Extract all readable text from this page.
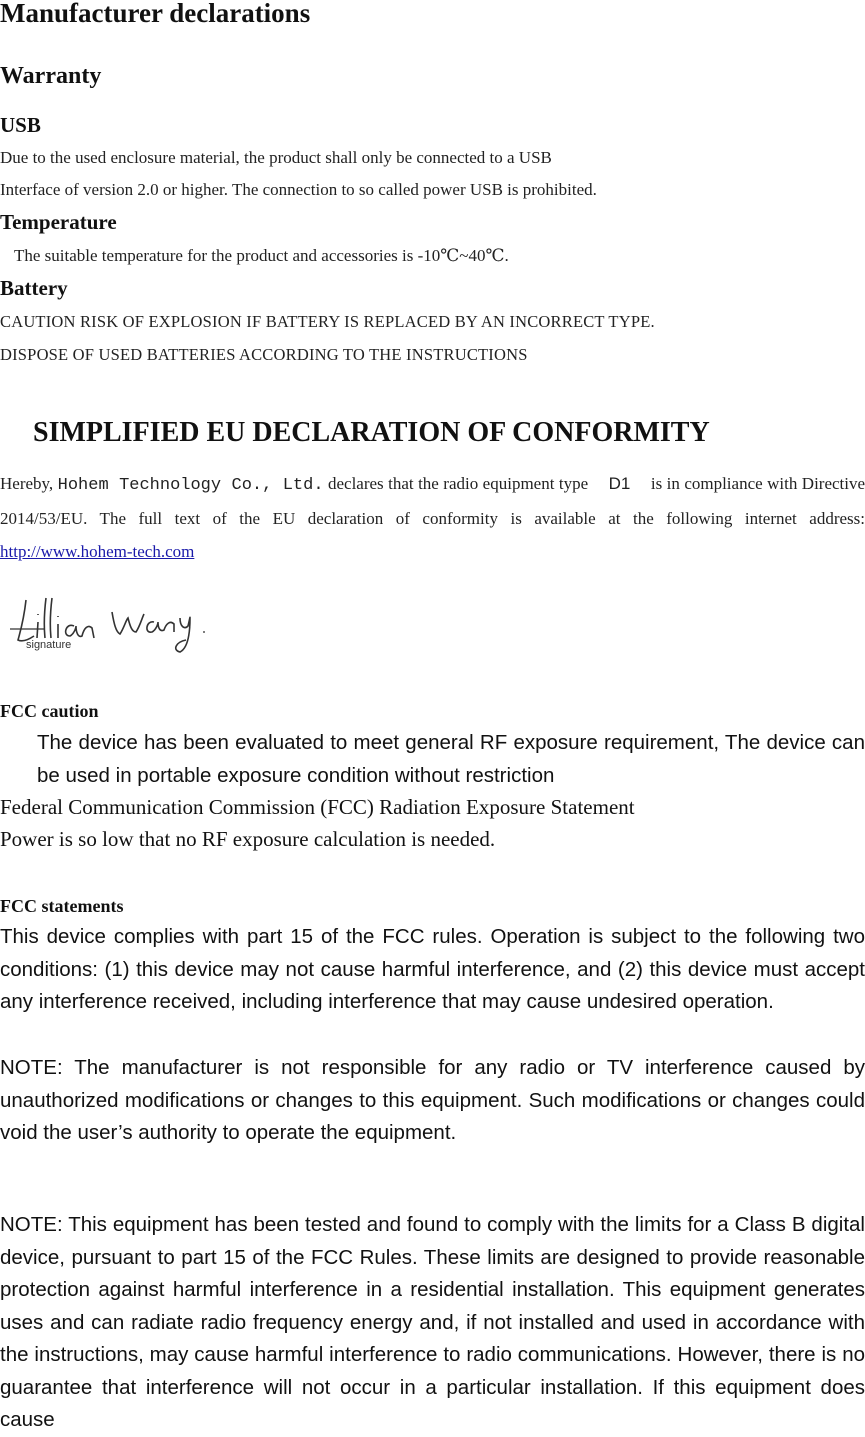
Manufacturer declarations
Warranty
USB
Due to the used enclosure material, the product shall only be connected to a USB
Interface of version 2.0 or higher. The connection to so called power USB is prohibited.
Temperature
The suitable temperature for the product and accessories is -10℃~40℃.
Battery
CAUTION RISK OF EXPLOSION IF BATTERY IS REPLACED BY AN INCORRECT TYPE.
DISPOSE OF USED BATTERIES ACCORDING TO THE INSTRUCTIONS
SIMPLIFIED EU DECLARATION OF CONFORMITY

Hereby, Hohem Technology Co., Ltd. declares that the radio equipment type D1 is in compliance with Directive 2014/53/EU. The full text of the EU declaration of conformity is available at the following internet address: http://www.hohem-tech.com

signature
FCC caution

The device has been evaluated to meet general RF exposure requirement, The device can be used in portable exposure condition without restriction

Federal Communication Commission (FCC) Radiation Exposure Statement
Power is so low that no RF exposure calculation is needed.
FCC statements

This device complies with part 15 of the FCC rules. Operation is subject to the following two conditions: (1) this device may not cause harmful interference, and (2) this device must accept any interference received, including interference that may cause undesired operation.

NOTE: The manufacturer is not responsible for any radio or TV interference caused by unauthorized modifications or changes to this equipment. Such modifications or changes could void the user’s authority to operate the equipment.

NOTE: This equipment has been tested and found to comply with the limits for a Class B digital device, pursuant to part 15 of the FCC Rules. These limits are designed to provide reasonable protection against harmful interference in a residential installation. This equipment generates uses and can radiate radio frequency energy and, if not installed and used in accordance with the instructions, may cause harmful interference to radio communications. However, there is no guarantee that interference will not occur in a particular installation. If this equipment does cause
